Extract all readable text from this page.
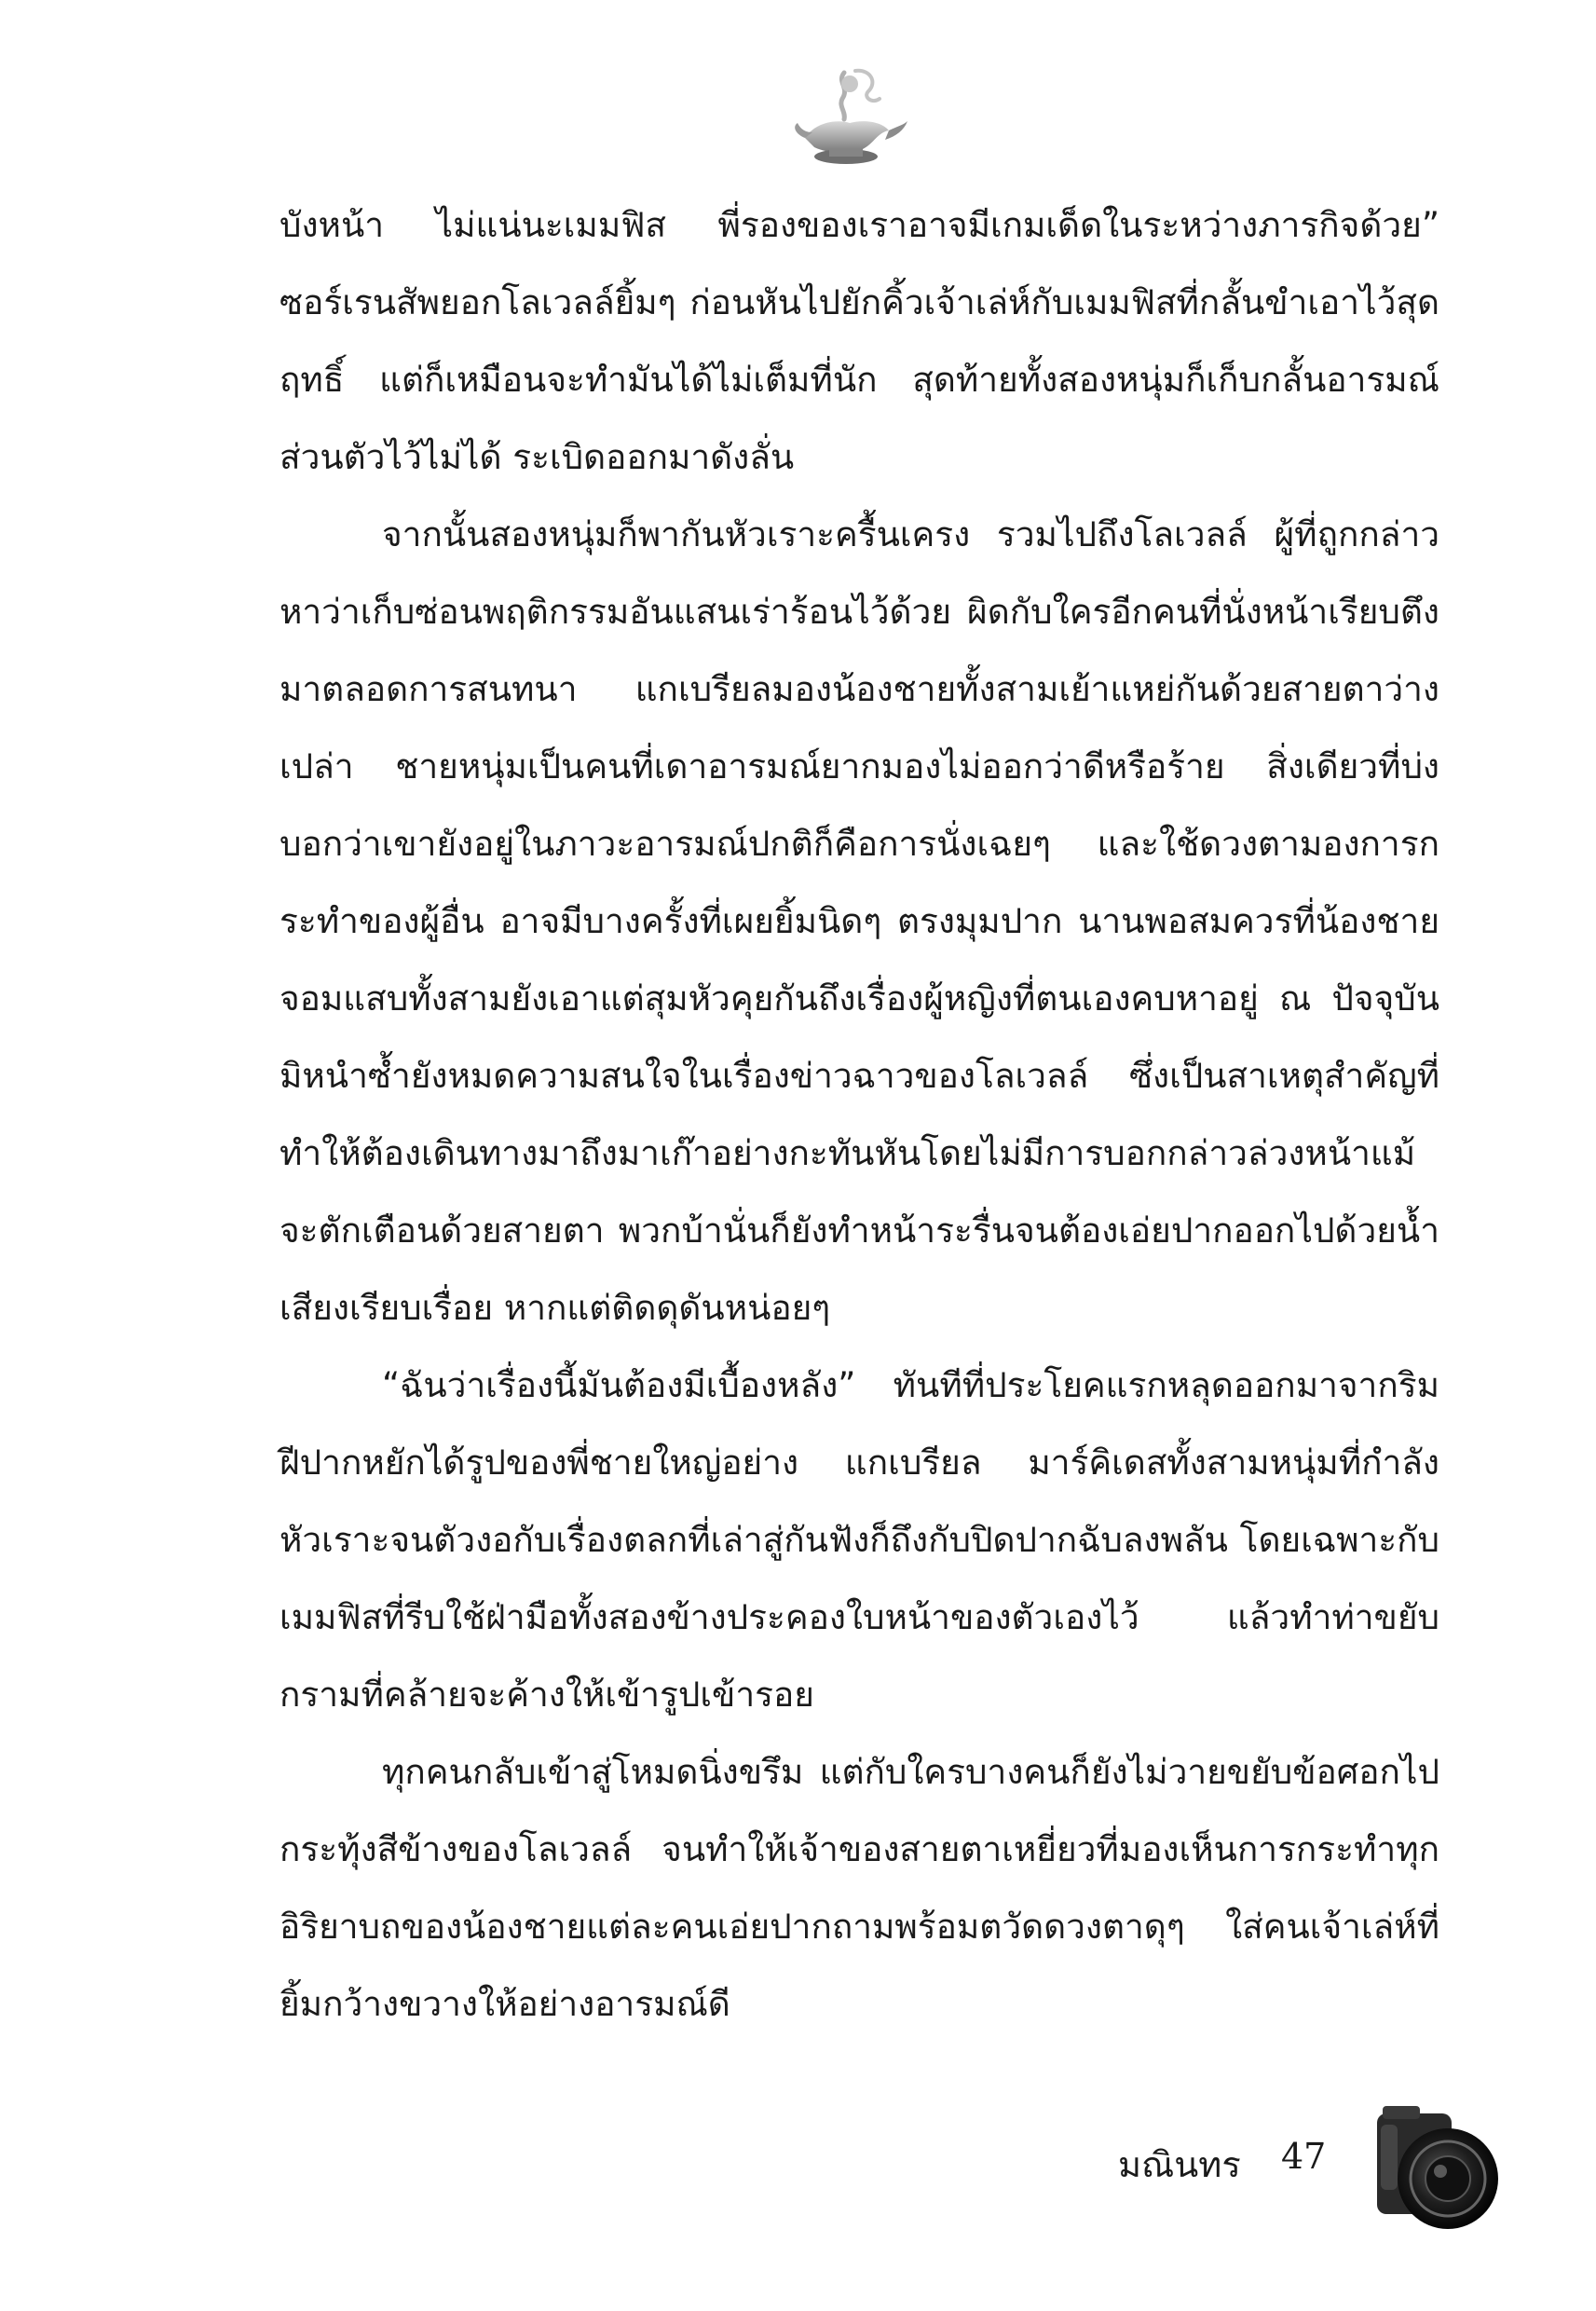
บังหน้า ไม่แน่นะเมมฟิส พี่รองของเราอาจมีเกมเด็ดในระหว่างภารกิจด้วย” ซอร์เรนสัพยอกโลเวลล์ยิ้มๆ ก่อนหันไปยักคิ้วเจ้าเล่ห์กับเมมฟิสที่กลั้นขำเอาไว้สุดฤทธิ์ แต่ก็เหมือนจะทำมันได้ไม่เต็มที่นัก สุดท้ายทั้งสองหนุ่มก็เก็บกลั้นอารมณ์ส่วนตัวไว้ไม่ได้ ระเบิดออกมาดังลั่น

จากนั้นสองหนุ่มก็พากันหัวเราะครื้นเครง รวมไปถึงโลเวลล์ ผู้ที่ถูกกล่าวหาว่าเก็บซ่อนพฤติกรรมอันแสนเร่าร้อนไว้ด้วย ผิดกับใครอีกคนที่นั่งหน้าเรียบตึงมาตลอดการสนทนา แกเบรียลมองน้องชายทั้งสามเย้าแหย่กันด้วยสายตาว่างเปล่า ชายหนุ่มเป็นคนที่เดาอารมณ์ยากมองไม่ออกว่าดีหรือร้าย สิ่งเดียวที่บ่งบอกว่าเขายังอยู่ในภาวะอารมณ์ปกติก็คือการนั่งเฉยๆ และใช้ดวงตามองการกระทำของผู้อื่น อาจมีบางครั้งที่เผยยิ้มนิดๆ ตรงมุมปาก นานพอสมควรที่น้องชายจอมแสบทั้งสามยังเอาแต่สุมหัวคุยกันถึงเรื่องผู้หญิงที่ตนเองคบหาอยู่ ณ ปัจจุบัน มิหนำซ้ำยังหมดความสนใจในเรื่องข่าวฉาวของโลเวลล์ ซึ่งเป็นสาเหตุสำคัญที่ทำให้ต้องเดินทางมาถึงมาเก๊าอย่างกะทันหันโดยไม่มีการบอกกล่าวล่วงหน้าแม้จะตักเตือนด้วยสายตา พวกบ้านั่นก็ยังทำหน้าระรื่นจนต้องเอ่ยปากออกไปด้วยน้ำเสียงเรียบเรื่อย หากแต่ติดดุดันหน่อยๆ

“ฉันว่าเรื่องนี้มันต้องมีเบื้องหลัง” ทันทีที่ประโยคแรกหลุดออกมาจากริมฝีปากหยักได้รูปของพี่ชายใหญ่อย่าง แกเบรียล มาร์คิเดสทั้งสามหนุ่มที่กำลังหัวเราะจนตัวงอกับเรื่องตลกที่เล่าสู่กันฟังก็ถึงกับปิดปากฉับลงพลัน โดยเฉพาะกับเมมฟิสที่รีบใช้ฝ่ามือทั้งสองข้างประคองใบหน้าของตัวเองไว้ แล้วทำท่าขยับกรามที่คล้ายจะค้างให้เข้ารูปเข้ารอย

ทุกคนกลับเข้าสู่โหมดนิ่งขรึม แต่กับใครบางคนก็ยังไม่วายขยับข้อศอกไปกระทุ้งสีข้างของโลเวลล์ จนทำให้เจ้าของสายตาเหยี่ยวที่มองเห็นการกระทำทุกอิริยาบถของน้องชายแต่ละคนเอ่ยปากถามพร้อมตวัดดวงตาดุๆ ใส่คนเจ้าเล่ห์ที่ยิ้มกว้างขวางให้อย่างอารมณ์ดี

มณินทร 47
